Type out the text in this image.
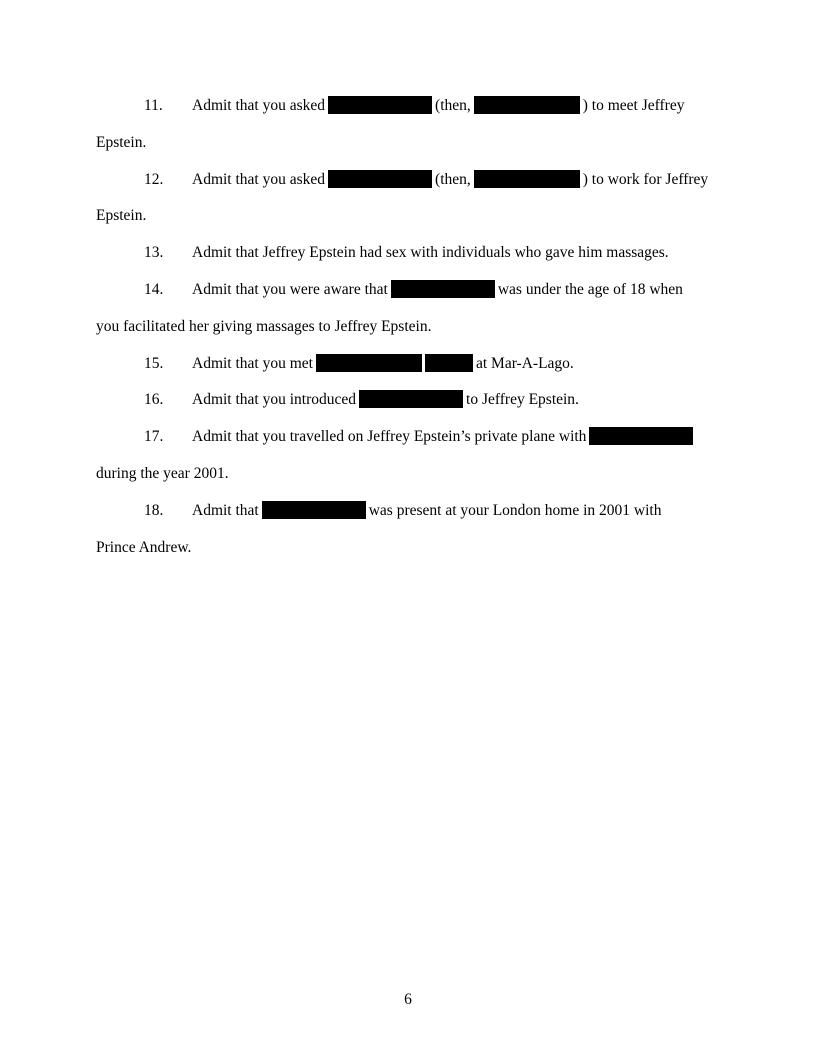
11. Admit that you asked	(then,	) to meet Jeffrey
Epstein.
12. Admit that you asked	(then,	) to work for Jeffrey
Epstein.
13. Admit that Jeffrey Epstein had sex with individuals who gave him massages.
14. Admit that you were aware that	was under the age of 18 when
you facilitated her giving massages to Jeffrey Epstein.
15. Admit that you met	at Mar-A-Lago.
16. Admit that you introduced	to Jeffrey Epstein.
17. Admit that you travelled on Jeffrey Epstein’s private plane with
during the year 2001.
18. Admit that	was present at your London home in 2001 with
Prince Andrew.
6
